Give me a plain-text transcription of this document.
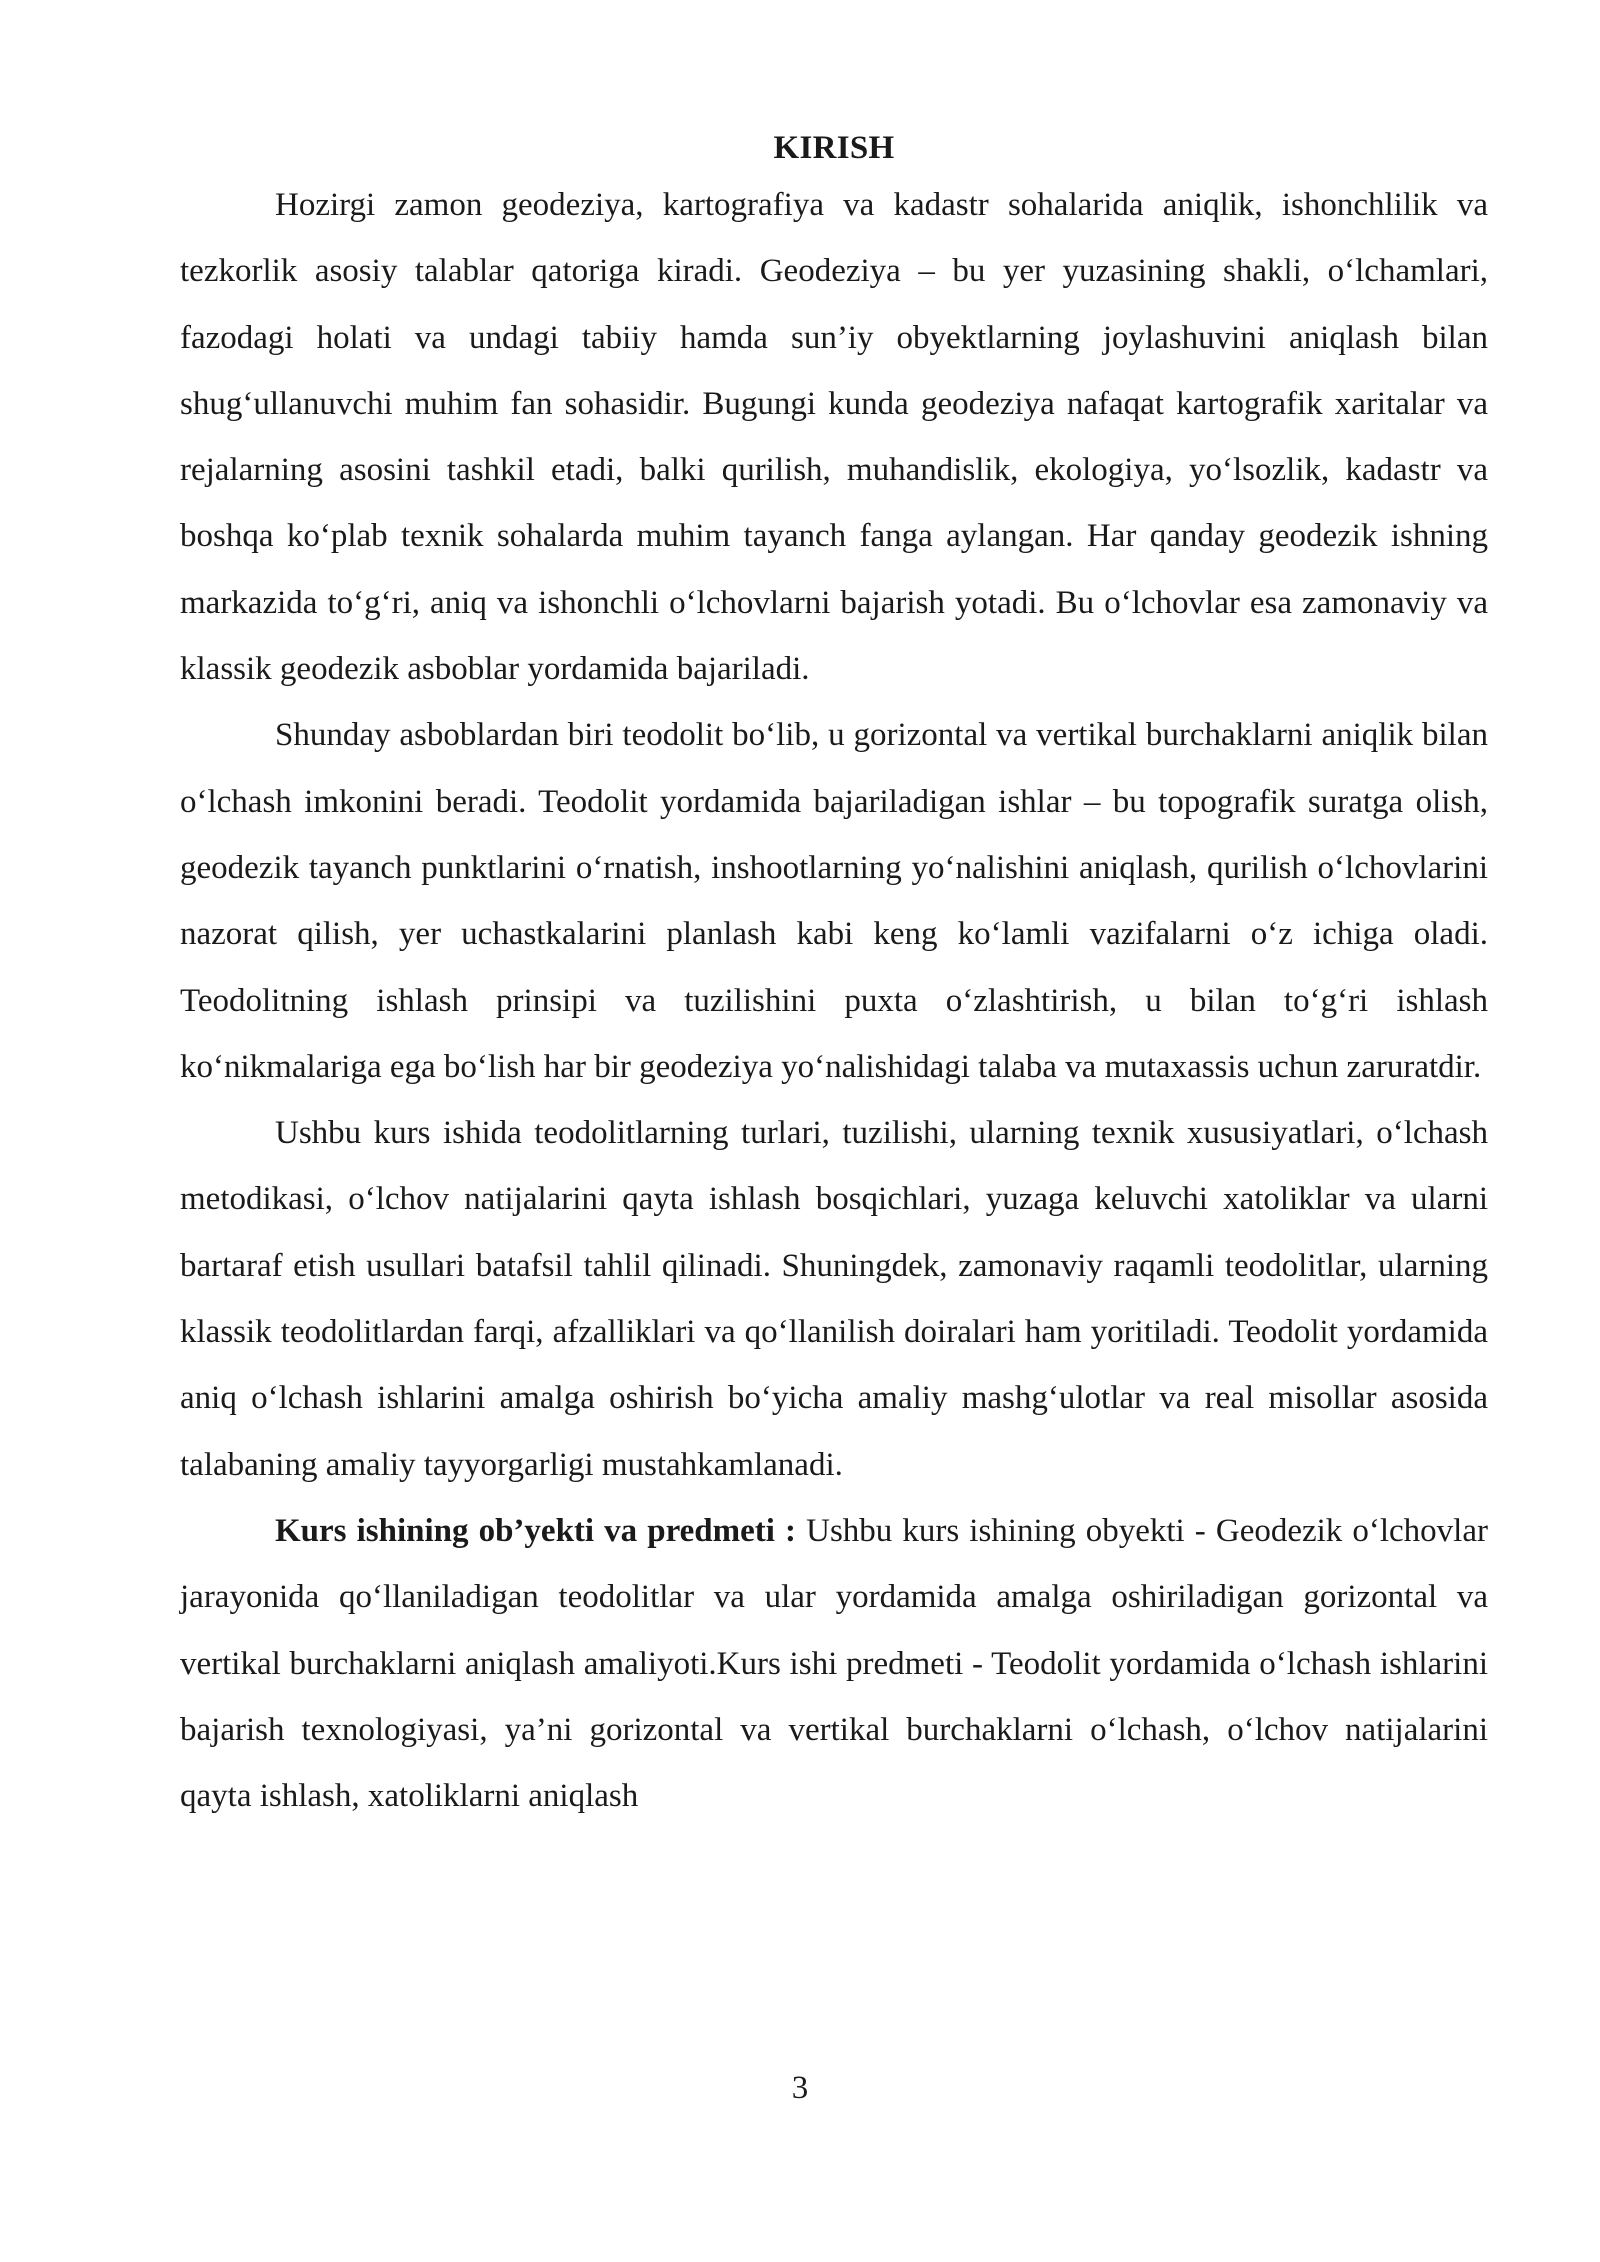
KIRISH

Hozirgi zamon geodeziya, kartografiya va kadastr sohalarida aniqlik, ishonchlilik va tezkorlik asosiy talablar qatoriga kiradi. Geodeziya – bu yer yuzasining shakli, o‘lchamlari, fazodagi holati va undagi tabiiy hamda sun’iy obyektlarning joylashuvini aniqlash bilan shug‘ullanuvchi muhim fan sohasidir. Bugungi kunda geodeziya nafaqat kartografik xaritalar va rejalarning asosini tashkil etadi, balki qurilish, muhandislik, ekologiya, yo‘lsozlik, kadastr va boshqa ko‘plab texnik sohalarda muhim tayanch fanga aylangan. Har qanday geodezik ishning markazida to‘g‘ri, aniq va ishonchli o‘lchovlarni bajarish yotadi. Bu o‘lchovlar esa zamonaviy va klassik geodezik asboblar yordamida bajariladi.

Shunday asboblardan biri teodolit bo‘lib, u gorizontal va vertikal burchaklarni aniqlik bilan o‘lchash imkonini beradi. Teodolit yordamida bajariladigan ishlar – bu topografik suratga olish, geodezik tayanch punktlarini o‘rnatish, inshootlarning yo‘nalishini aniqlash, qurilish o‘lchovlarini nazorat qilish, yer uchastkalarini planlash kabi keng ko‘lamli vazifalarni o‘z ichiga oladi. Teodolitning ishlash prinsipi va tuzilishini puxta o‘zlashtirish, u bilan to‘g‘ri ishlash ko‘nikmalariga ega bo‘lish har bir geodeziya yo‘nalishidagi talaba va mutaxassis uchun zaruratdir.

Ushbu kurs ishida teodolitlarning turlari, tuzilishi, ularning texnik xususiyatlari, o‘lchash metodikasi, o‘lchov natijalarini qayta ishlash bosqichlari, yuzaga keluvchi xatoliklar va ularni bartaraf etish usullari batafsil tahlil qilinadi. Shuningdek, zamonaviy raqamli teodolitlar, ularning klassik teodolitlardan farqi, afzalliklari va qo‘llanilish doiralari ham yoritiladi. Teodolit yordamida aniq o‘lchash ishlarini amalga oshirish bo‘yicha amaliy mashg‘ulotlar va real misollar asosida talabaning amaliy tayyorgarligi mustahkamlanadi.

Kurs ishining ob’yekti va predmeti : Ushbu kurs ishining obyekti - Geodezik o‘lchovlar jarayonida qo‘llaniladigan teodolitlar va ular yordamida amalga oshiriladigan gorizontal va vertikal burchaklarni aniqlash amaliyoti.Kurs ishi predmeti - Teodolit yordamida o‘lchash ishlarini bajarish texnologiyasi, ya’ni gorizontal va vertikal burchaklarni o‘lchash, o‘lchov natijalarini qayta ishlash, xatoliklarni aniqlash

3
